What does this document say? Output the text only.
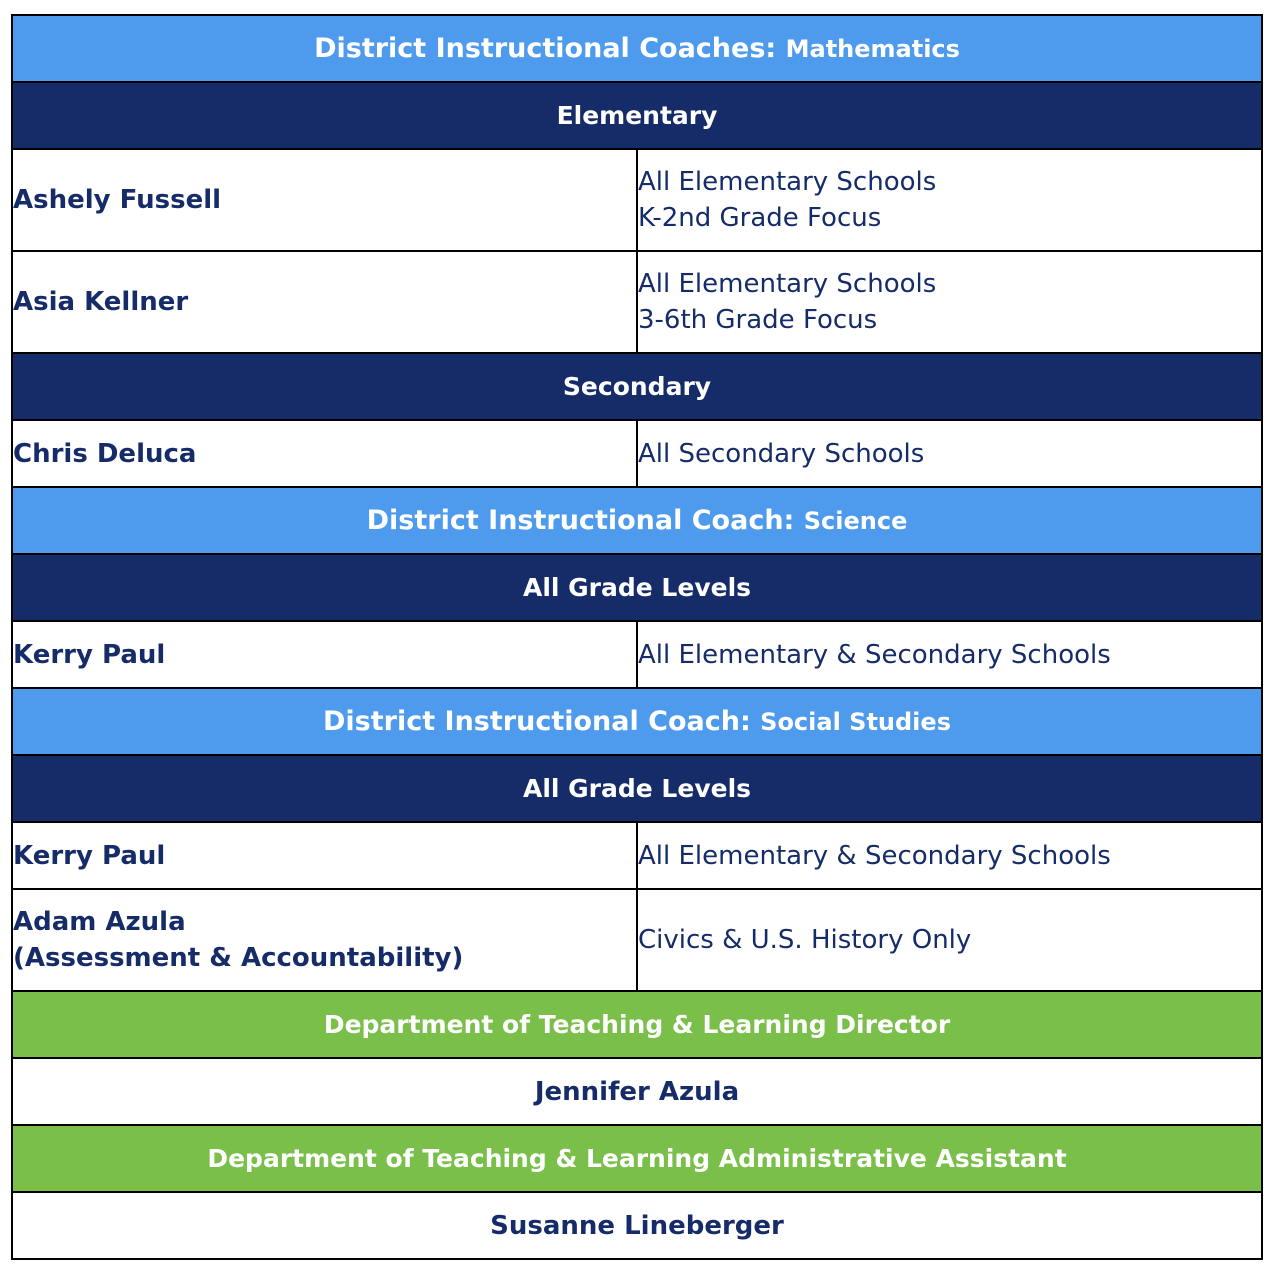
District Instructional Coaches: Mathematics	
Elementary	
Ashely Fussell	All Elementary Schools
K-2nd Grade Focus

Asia Kellner	All Elementary Schools
3-6th Grade Focus

Secondary	
Chris Deluca	All Secondary Schools

District Instructional Coach: Science	
All Grade Levels	
Kerry Paul	All Elementary & Secondary Schools

District Instructional Coach: Social Studies	
All Grade Levels	
Kerry Paul	All Elementary & Secondary Schools

Adam Azula
(Assessment & Accountability)	Civics & U.S. History Only

Department of Teaching & Learning Director	
Jennifer Azula	
Department of Teaching & Learning Administrative Assistant	
Susanne Lineberger	
